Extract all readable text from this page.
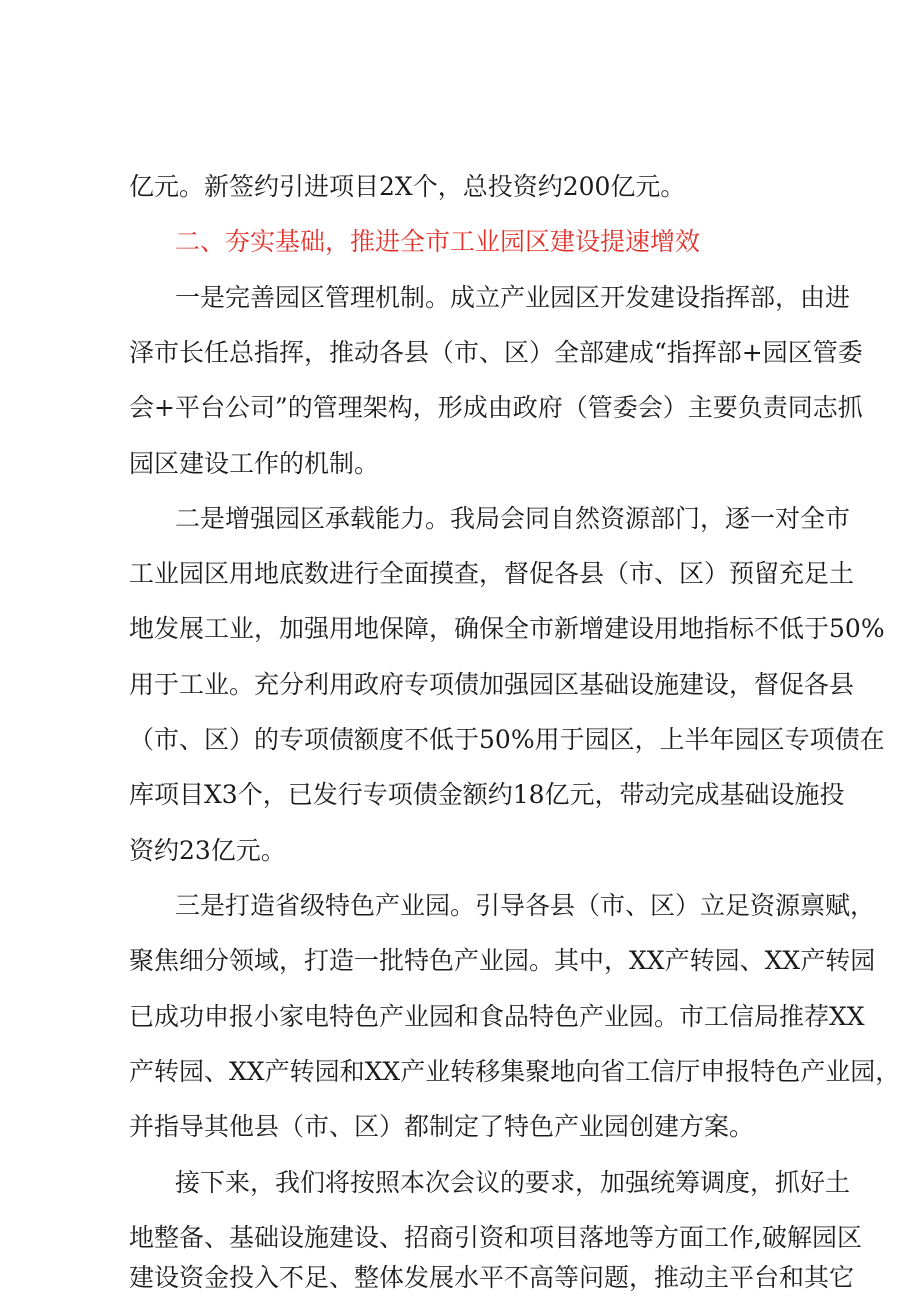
亿元。新签约引进项目2X个，总投资约200亿元。
二、夯实基础，推进全市工业园区建设提速增效
一是完善园区管理机制。成立产业园区开发建设指挥部，由进
泽市长任总指挥，推动各县（市、区）全部建成“指挥部+园区管委
会+平台公司”的管理架构，形成由政府（管委会）主要负责同志抓
园区建设工作的机制。
二是增强园区承载能力。我局会同自然资源部门，逐一对全市
工业园区用地底数进行全面摸查，督促各县（市、区）预留充足土
地发展工业，加强用地保障，确保全市新增建设用地指标不低于50%
用于工业。充分利用政府专项债加强园区基础设施建设，督促各县
（市、区）的专项债额度不低于50%用于园区，上半年园区专项债在
库项目X3个，已发行专项债金额约18亿元，带动完成基础设施投
资约23亿元。
三是打造省级特色产业园。引导各县（市、区）立足资源禀赋，
聚焦细分领域，打造一批特色产业园。其中，XX产转园、XX产转园
已成功申报小家电特色产业园和食品特色产业园。市工信局推荐XX
产转园、XX产转园和XX产业转移集聚地向省工信厅申报特色产业园，
并指导其他县（市、区）都制定了特色产业园创建方案。
接下来，我们将按照本次会议的要求，加强统筹调度，抓好土
地整备、基础设施建设、招商引资和项目落地等方面工作,破解园区
建设资金投入不足、整体发展水平不高等问题，推动主平台和其它
